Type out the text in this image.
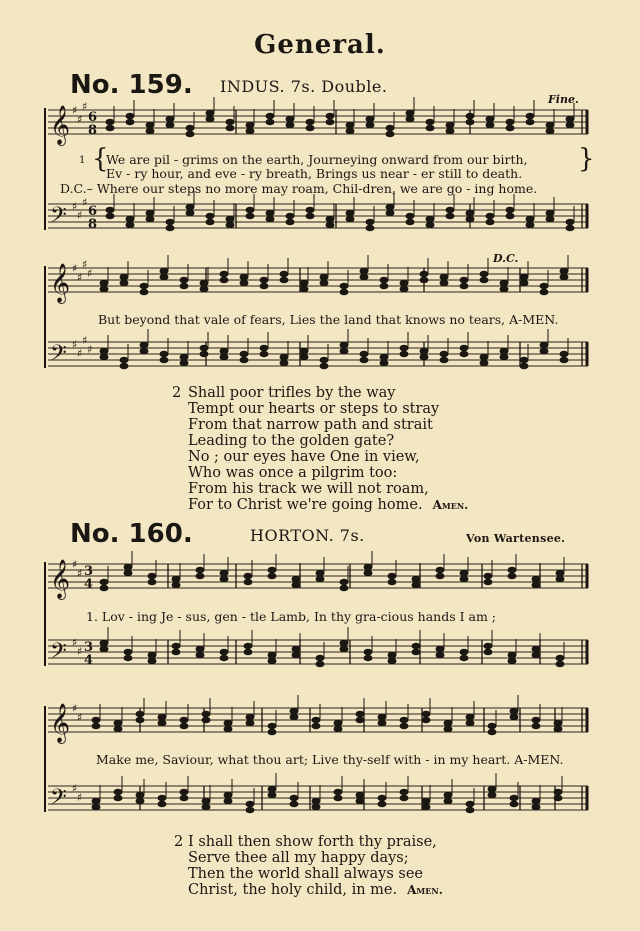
General.
No. 159. INDUS. 7s. Double.
Fine.
𝄞
𝄢
𝄞
𝄢
𝄞
𝄢
𝄞
𝄢
♯
♯
♯
♯
♯
♯
♯
♯
♯
♯
♯
♯
♯
♯
♯
♯
♯
♯
♯
♯
♯
♯
6
8
6
8
3
4
3
4
1 {
We are pil - grims on the earth, Journeying onward from our birth,
Ev - ry hour, and eve - ry breath, Brings us near - er still to death. }
D.C.– Where our steps no more may roam, Chil-dren, we are go - ing home.
D.C.
But beyond that vale of fears, Lies the land that knows no tears, A-MEN.
2 Shall poor trifles by the way
Tempt our hearts or steps to stray
From that narrow path and strait
Leading to the golden gate?
No ; our eyes have One in view,
Who was once a pilgrim too:
From his track we will not roam,
For to Christ we're going home. Amen.
No. 160.	HORTON. 7s.	Von Wartensee.
1. Lov - ing Je - sus, gen - tle Lamb, In thy gra-cious hands I am ;
Make me, Saviour, what thou art; Live thy-self with - in my heart. A-MEN.
2 I shall then show forth thy praise,
Serve thee all my happy days;
Then the world shall always see
Christ, the holy child, in me. Amen.
